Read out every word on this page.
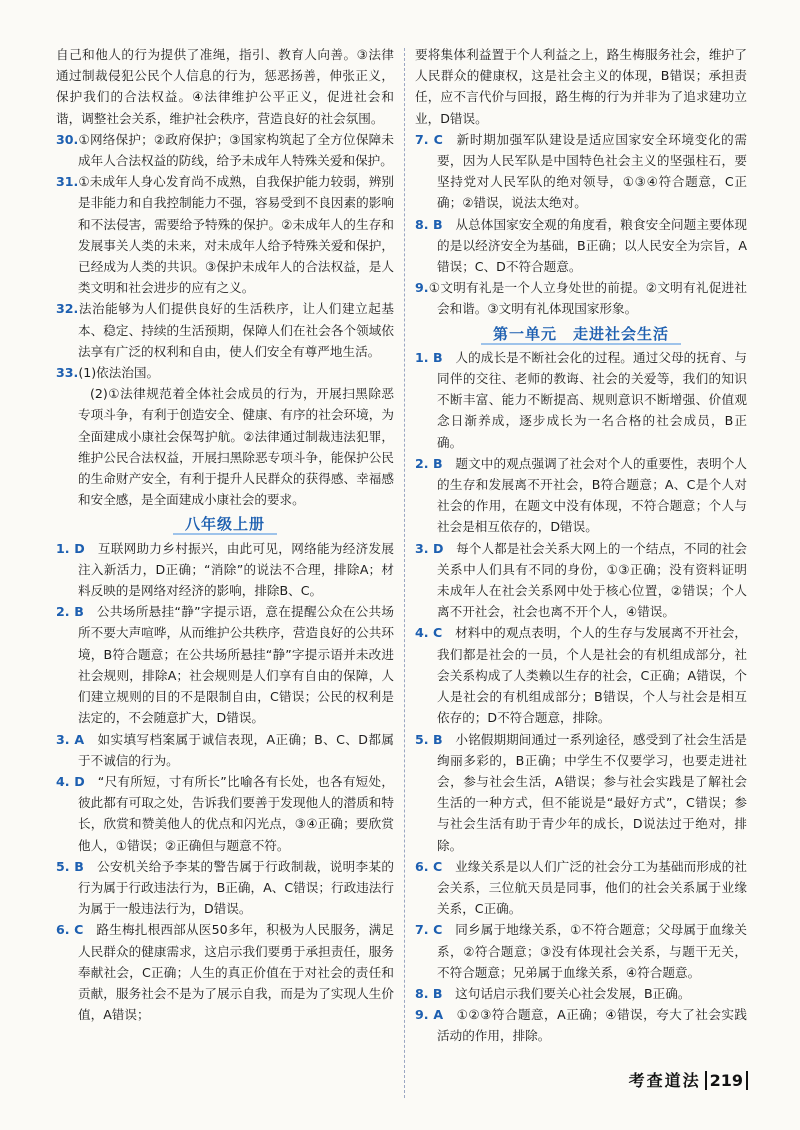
自己和他人的行为提供了准绳，指引、教育人向善。③法律通过制裁侵犯公民个人信息的行为，惩恶扬善，伸张正义，保护我们的合法权益。④法律维护公平正义，促进社会和谐，调整社会关系，维护社会秩序，营造良好的社会氛围。

30.①网络保护；②政府保护；③国家构筑起了全方位保障未成年人合法权益的防线，给予未成年人特殊关爱和保护。

31.①未成年人身心发育尚不成熟，自我保护能力较弱，辨别是非能力和自我控制能力不强，容易受到不良因素的影响和不法侵害，需要给予特殊的保护。②未成年人的生存和发展事关人类的未来，对未成年人给予特殊关爱和保护，已经成为人类的共识。③保护未成年人的合法权益，是人类文明和社会进步的应有之义。

32.法治能够为人们提供良好的生活秩序，让人们建立起基本、稳定、持续的生活预期，保障人们在社会各个领域依法享有广泛的权利和自由，使人们安全有尊严地生活。

33.(1)依法治国。

(2)①法律规范着全体社会成员的行为，开展扫黑除恶专项斗争，有利于创造安全、健康、有序的社会环境，为全面建成小康社会保驾护航。②法律通过制裁违法犯罪，维护公民合法权益，开展扫黑除恶专项斗争，能保护公民的生命财产安全，有利于提升人民群众的获得感、幸福感和安全感，是全面建成小康社会的要求。

八年级上册

1. D　互联网助力乡村振兴，由此可见，网络能为经济发展注入新活力，D正确；“消除”的说法不合理，排除A；材料反映的是网络对经济的影响，排除B、C。

2. B　公共场所悬挂“静”字提示语，意在提醒公众在公共场所不要大声喧哗，从而维护公共秩序，营造良好的公共环境，B符合题意；在公共场所悬挂“静”字提示语并未改进社会规则，排除A；社会规则是人们享有自由的保障，人们建立规则的目的不是限制自由，C错误；公民的权利是法定的，不会随意扩大，D错误。

3. A　如实填写档案属于诚信表现，A正确；B、C、D都属于不诚信的行为。

4. D　“尺有所短，寸有所长”比喻各有长处，也各有短处，彼此都有可取之处，告诉我们要善于发现他人的潜质和特长，欣赏和赞美他人的优点和闪光点，③④正确；要欣赏他人，①错误；②正确但与题意不符。

5. B　公安机关给予李某的警告属于行政制裁，说明李某的行为属于行政违法行为，B正确，A、C错误；行政违法行为属于一般违法行为，D错误。

6. C　路生梅扎根西部从医50多年，积极为人民服务，满足人民群众的健康需求，这启示我们要勇于承担责任，服务奉献社会，C正确；人生的真正价值在于对社会的责任和贡献，服务社会不是为了展示自我，而是为了实现人生价值，A错误；

要将集体利益置于个人利益之上，路生梅服务社会，维护了人民群众的健康权，这是社会主义的体现，B错误；承担责任，应不言代价与回报，路生梅的行为并非为了追求建功立业，D错误。

7. C　新时期加强军队建设是适应国家安全环境变化的需要，因为人民军队是中国特色社会主义的坚强柱石，要坚持党对人民军队的绝对领导，①③④符合题意，C正确；②错误，说法太绝对。

8. B　从总体国家安全观的角度看，粮食安全问题主要体现的是以经济安全为基础，B正确；以人民安全为宗旨，A错误；C、D不符合题意。

9.①文明有礼是一个人立身处世的前提。②文明有礼促进社会和谐。③文明有礼体现国家形象。

第一单元　走进社会生活

1. B　人的成长是不断社会化的过程。通过父母的抚育、与同伴的交往、老师的教诲、社会的关爱等，我们的知识不断丰富、能力不断提高、规则意识不断增强、价值观念日渐养成，逐步成长为一名合格的社会成员，B正确。

2. B　题文中的观点强调了社会对个人的重要性，表明个人的生存和发展离不开社会，B符合题意；A、C是个人对社会的作用，在题文中没有体现，不符合题意；个人与社会是相互依存的，D错误。

3. D　每个人都是社会关系大网上的一个结点，不同的社会关系中人们具有不同的身份，①③正确；没有资料证明未成年人在社会关系网中处于核心位置，②错误；个人离不开社会，社会也离不开个人，④错误。

4. C　材料中的观点表明，个人的生存与发展离不开社会，我们都是社会的一员，个人是社会的有机组成部分，社会关系构成了人类赖以生存的社会，C正确；A错误，个人是社会的有机组成部分；B错误，个人与社会是相互依存的；D不符合题意，排除。

5. B　小铭假期期间通过一系列途径，感受到了社会生活是绚丽多彩的，B正确；中学生不仅要学习，也要走进社会，参与社会生活，A错误；参与社会实践是了解社会生活的一种方式，但不能说是“最好方式”，C错误；参与社会生活有助于青少年的成长，D说法过于绝对，排除。

6. C　业缘关系是以人们广泛的社会分工为基础而形成的社会关系，三位航天员是同事，他们的社会关系属于业缘关系，C正确。

7. C　同乡属于地缘关系，①不符合题意；父母属于血缘关系，②符合题意；③没有体现社会关系，与题干无关，不符合题意；兄弟属于血缘关系，④符合题意。

8. B　这句话启示我们要关心社会发展，B正确。

9. A　①②③符合题意，A正确；④错误，夸大了社会实践活动的作用，排除。

考查道法 219
